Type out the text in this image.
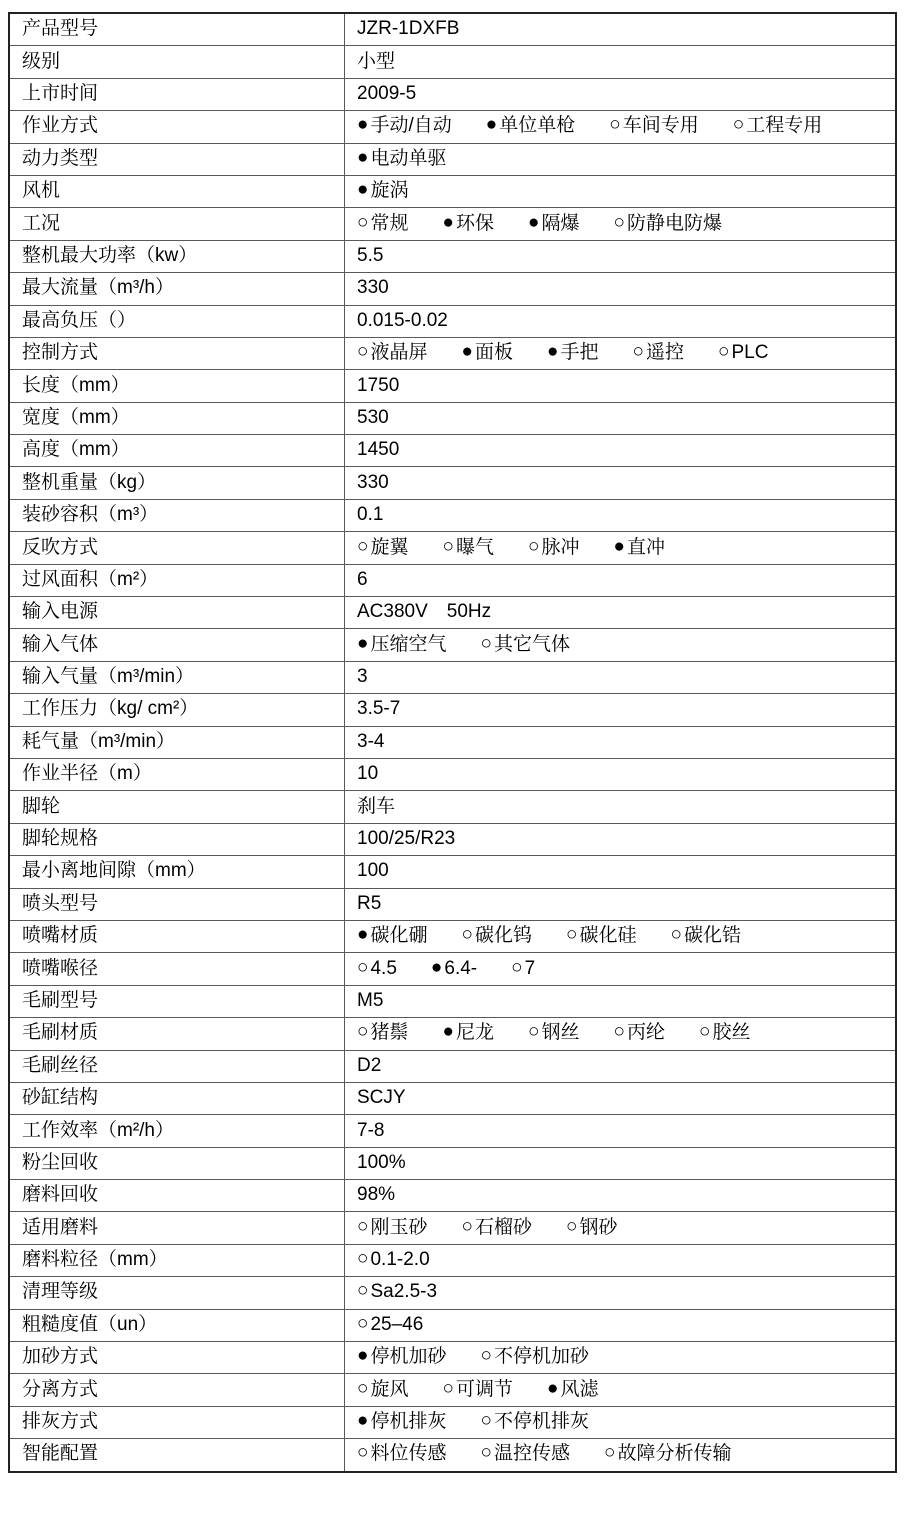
产品型号	JZR-1DXFB
级别	小型
上市时间	2009-5
作业方式	● 手动/自动 ● 单位单枪 ○ 车间专用 ○ 工程专用
动力类型	● 电动单驱
风机	● 旋涡
工况	○ 常规 ● 环保 ● 隔爆 ○ 防静电防爆
整机最大功率（kw）	5.5
最大流量（m³/h）	330
最高负压（）	0.015-0.02
控制方式	○ 液晶屏 ● 面板 ● 手把 ○ 遥控 ○ PLC
长度（mm）	1750
宽度（mm）	530
高度（mm）	1450
整机重量（kg）	330
装砂容积（m³）	0.1
反吹方式	○ 旋翼 ○ 曝气 ○ 脉冲 ● 直冲
过风面积（m²）	6
输入电源	AC380V　50Hz
输入气体	● 压缩空气 ○ 其它气体
输入气量（m³/min）	3
工作压力（kg/ cm²）	3.5-7
耗气量（m³/min）	3-4
作业半径（m）	10
脚轮	刹车
脚轮规格	100/25/R23
最小离地间隙（mm）	100
喷头型号	R5
喷嘴材质	● 碳化硼 ○ 碳化钨 ○ 碳化硅 ○ 碳化锆
喷嘴喉径	○ 4.5 ● 6.4- ○ 7
毛刷型号	M5
毛刷材质	○ 猪鬃 ● 尼龙 ○ 钢丝 ○ 丙纶 ○ 胶丝
毛刷丝径	D2
砂缸结构	SCJY
工作效率（m²/h）	7-8
粉尘回收	100%
磨料回收	98%
适用磨料	○ 刚玉砂 ○ 石榴砂 ○ 钢砂
磨料粒径（mm）	○ 0.1-2.0
清理等级	○ Sa2.5-3
粗糙度值（un）	○ 25–46
加砂方式	● 停机加砂 ○ 不停机加砂
分离方式	○ 旋风 ○ 可调节 ● 风滤
排灰方式	● 停机排灰 ○ 不停机排灰
智能配置	○ 料位传感 ○ 温控传感 ○ 故障分析传输
